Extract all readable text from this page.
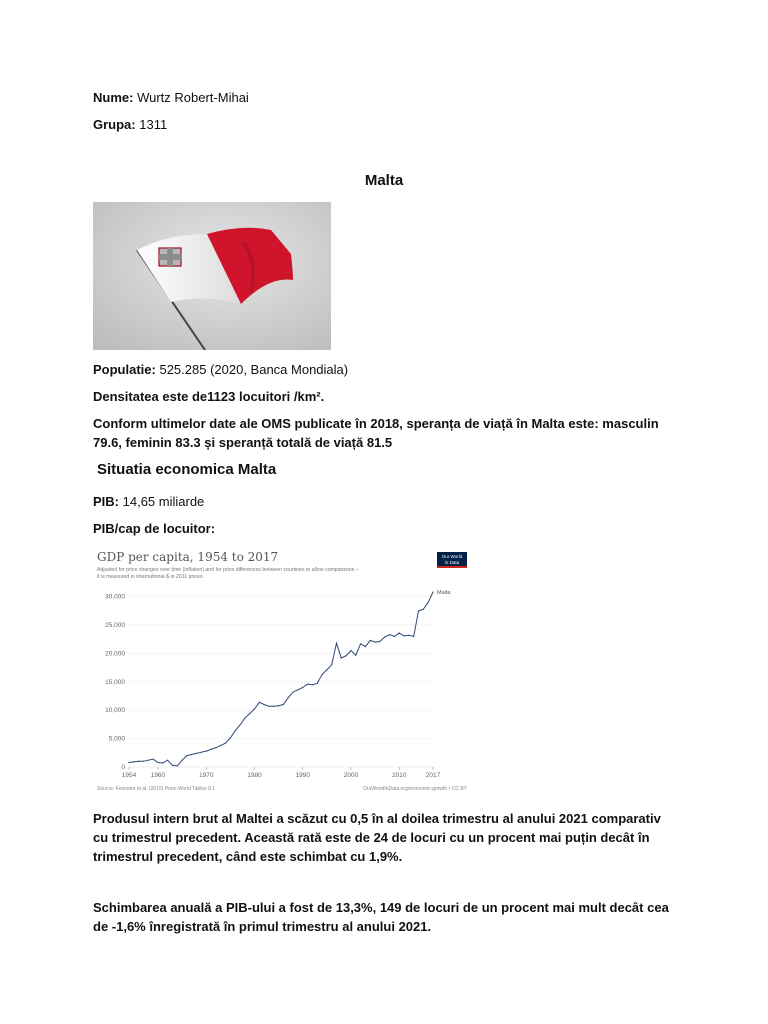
Nume: Wurtz Robert-Mihai
Grupa: 1311
Malta
Populatie: 525.285 (2020, Banca Mondiala)
Densitatea este de1123 locuitori /km².
Conform ultimelor date ale OMS publicate în 2018, speranța de viață în Malta este: masculin 79.6, feminin 83.3 și speranță totală de viață 81.5
Situatia economica Malta
PIB: 14,65 miliarde
PIB/cap de locuitor:
GDP per capita, 1954 to 2017
Adjusted for price changes over time (inflation) and for price differences between countries to allow comparisons –
it is measured in international-$ in 2011 prices.
Our World
in Data
0
5,000
10,000
15,000
20,000
25,000
30,000
1954 1960	1970	1980	1990	2000	2010	2017
Malta
Source: Feenstra et al. (2015) Penn World Tables 9.1	OurWorldInData.org/economic-growth • CC BY
Produsul intern brut al Maltei a scăzut cu 0,5 în al doilea trimestru al anului 2021 comparativ cu trimestrul precedent. Această rată este de 24 de locuri cu un procent mai puțin decât în trimestrul precedent, când este schimbat cu 1,9%.
Schimbarea anuală a PIB-ului a fost de 13,3%, 149 de locuri de un procent mai mult decât cea de -1,6% înregistrată în primul trimestru al anului 2021.
